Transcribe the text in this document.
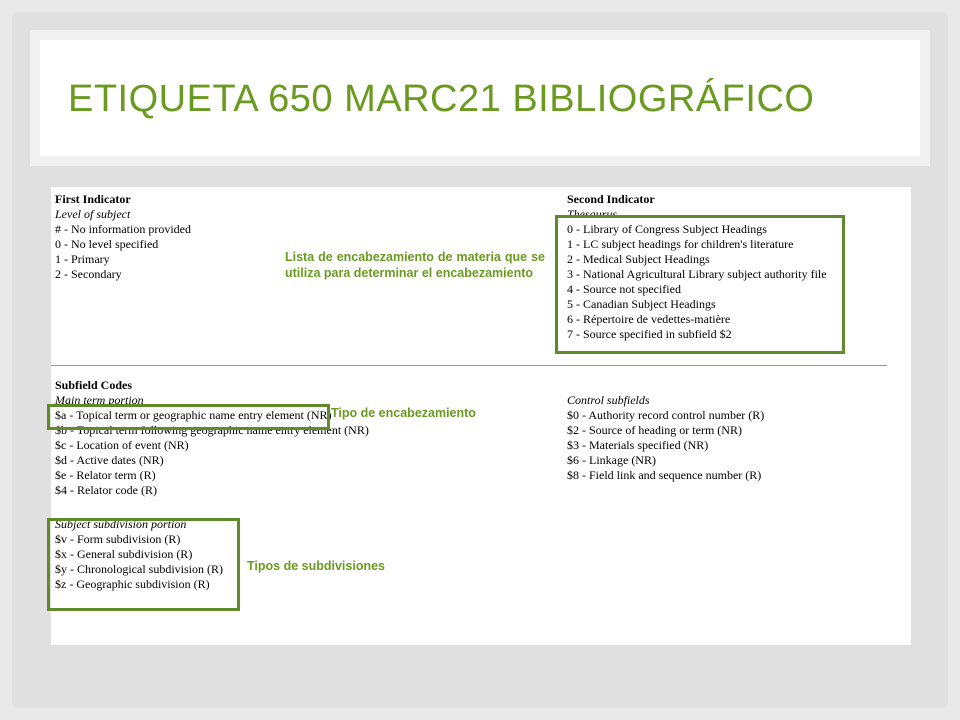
ETIQUETA 650 MARC21 BIBLIOGRÁFICO
First Indicator
Level of subject
# - No information provided
0 - No level specified
1 - Primary
2 - Secondary
Second Indicator
Thesaurus
0 - Library of Congress Subject Headings
1 - LC subject headings for children's literature
2 - Medical Subject Headings
3 - National Agricultural Library subject authority file
4 - Source not specified
5 - Canadian Subject Headings
6 - Répertoire de vedettes-matière
7 - Source specified in subfield $2
Subfield Codes
Main term portion
$a - Topical term or geographic name entry element (NR)
$b - Topical term following geographic name entry element (NR)
$c - Location of event (NR)
$d - Active dates (NR)
$e - Relator term (R)
$4 - Relator code (R)
Control subfields
$0 - Authority record control number (R)
$2 - Source of heading or term (NR)
$3 - Materials specified (NR)
$6 - Linkage (NR)
$8 - Field link and sequence number (R)
Subject subdivision portion
$v - Form subdivision (R)
$x - General subdivision (R)
$y - Chronological subdivision (R)
$z - Geographic subdivision (R)
Lista de encabezamiento de materia que se utiliza para determinar el encabezamiento
Tipo de encabezamiento
Tipos de subdivisiones
